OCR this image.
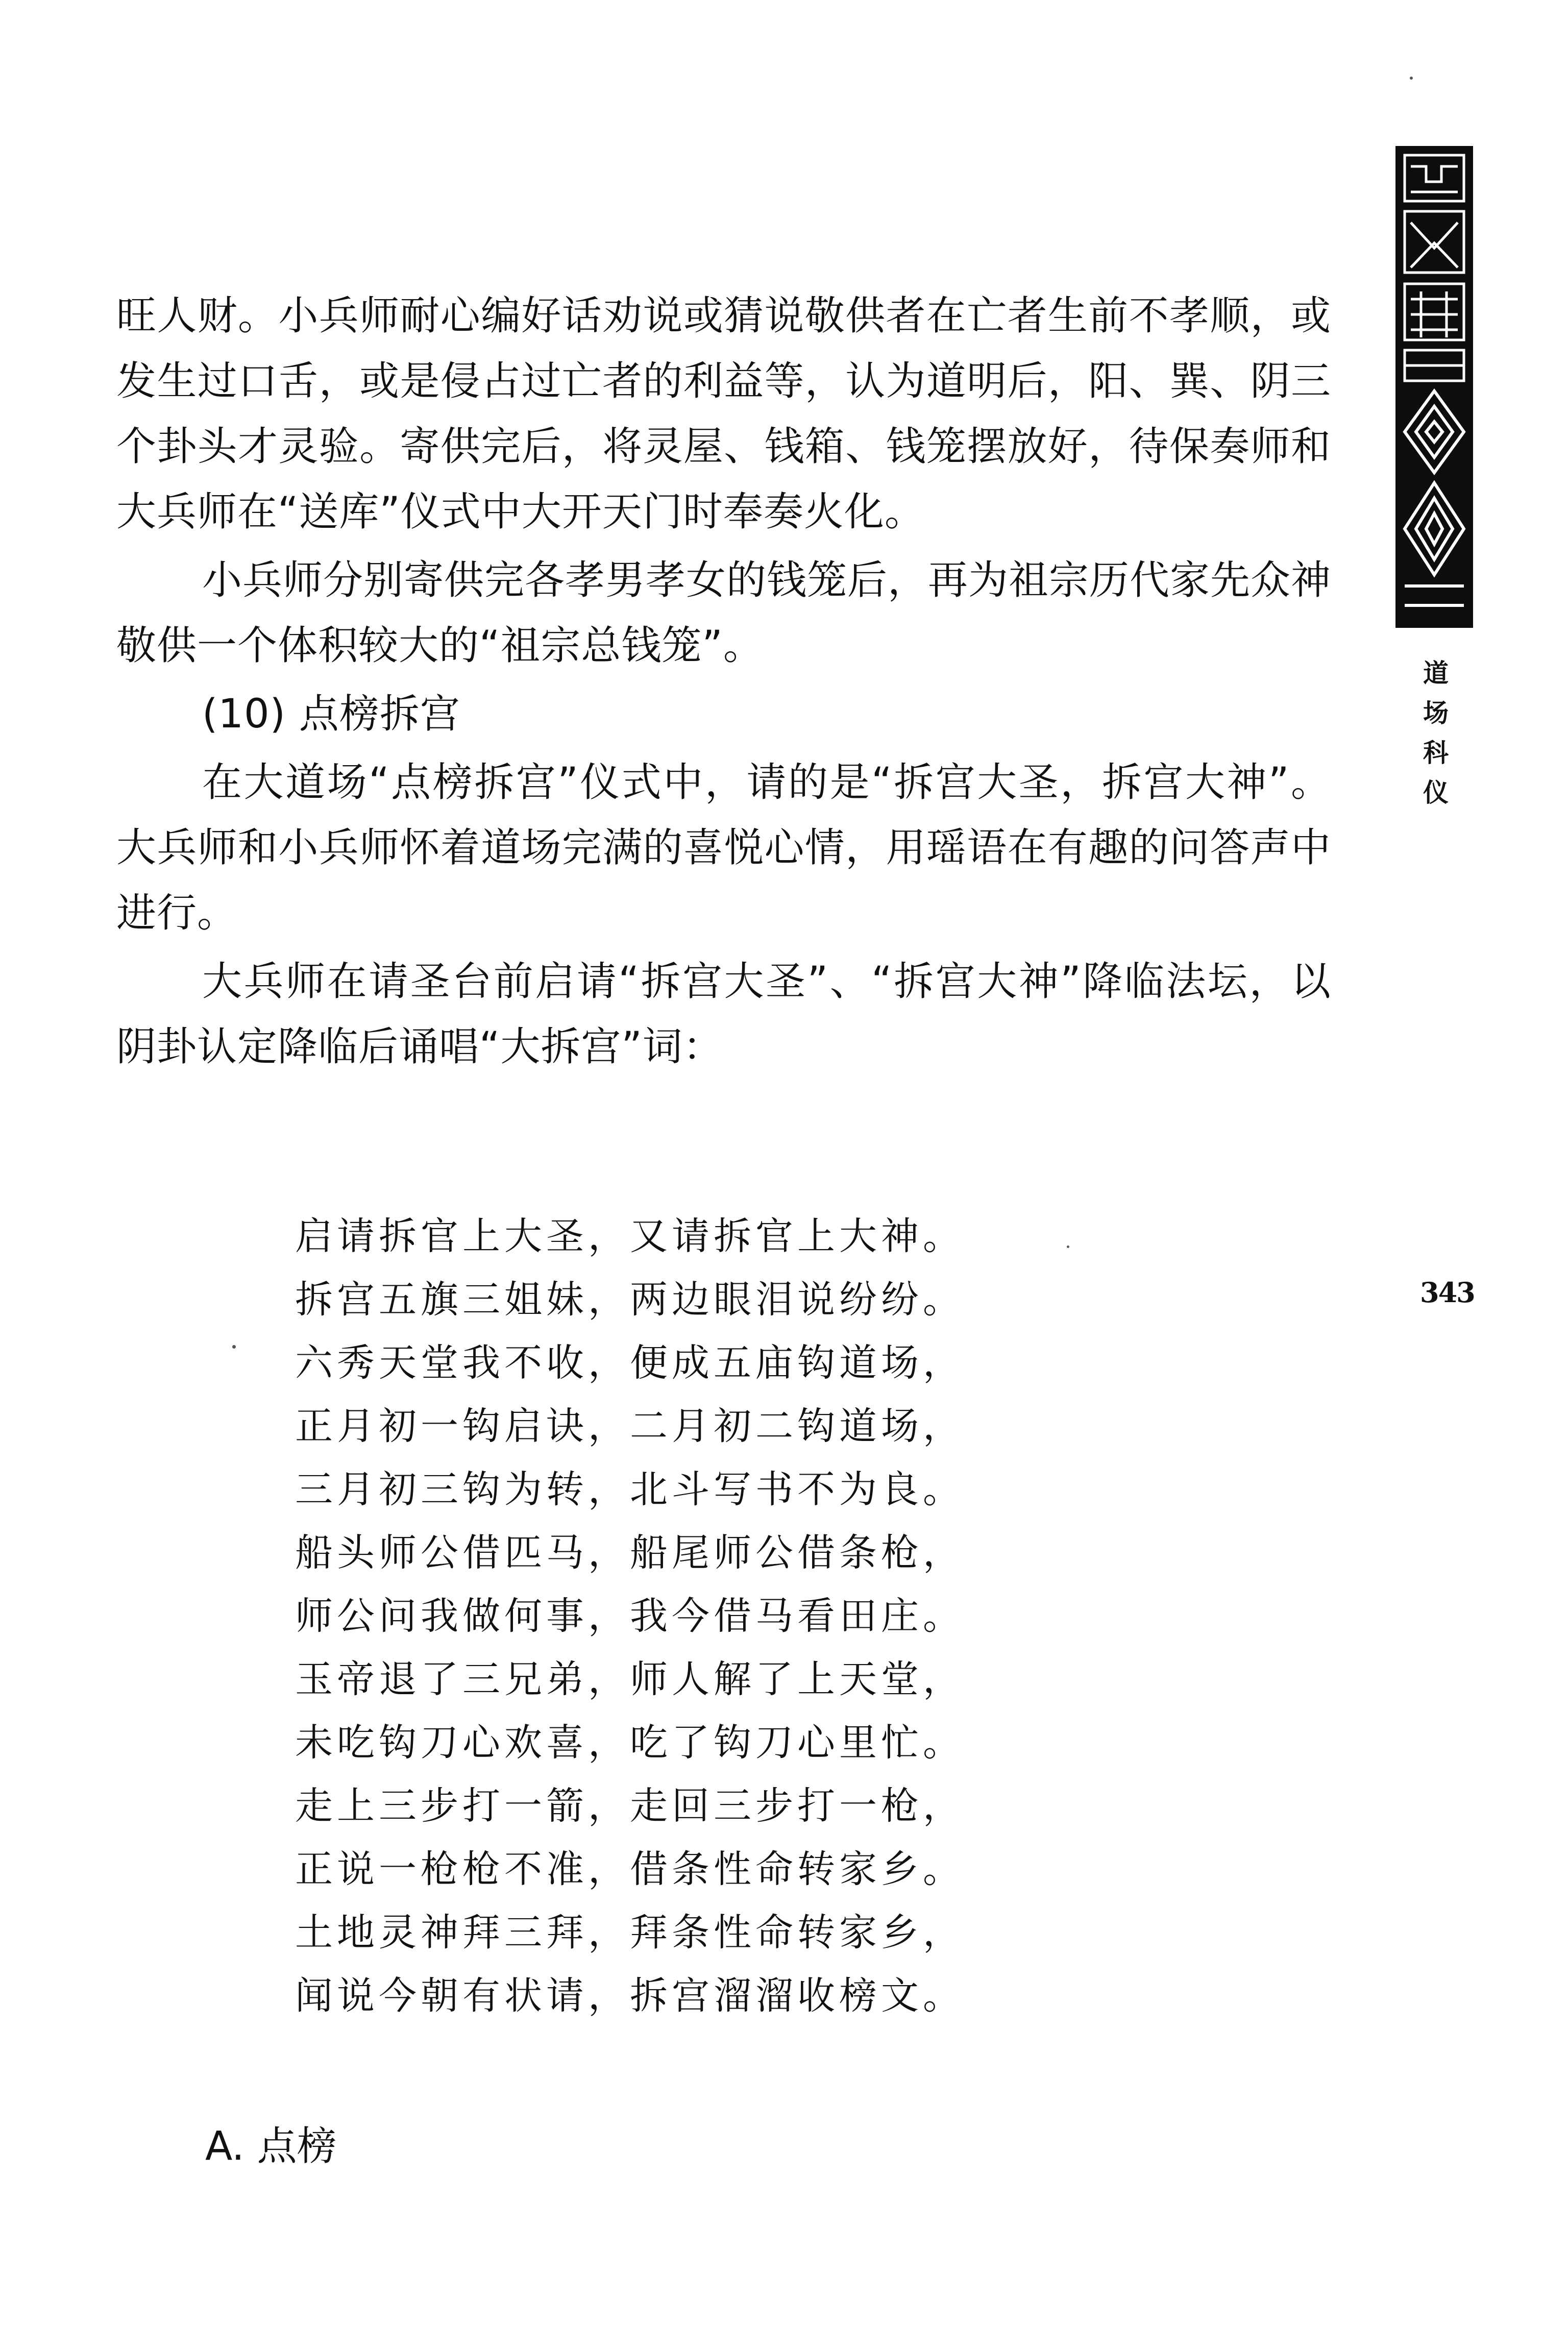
道
场
科
仪
343

旺人财。小兵师耐心编好话劝说或猜说敬供者在亡者生前不孝顺，或发生过口舌，或是侵占过亡者的利益等，认为道明后，阳、巽、阴三个卦头才灵验。寄供完后，将灵屋、钱箱、钱笼摆放好，待保奏师和大兵师在“送库”仪式中大开天门时奉奏火化。

小兵师分别寄供完各孝男孝女的钱笼后，再为祖宗历代家先众神敬供一个体积较大的“祖宗总钱笼”。

(10) 点榜拆宫

在大道场“点榜拆宫”仪式中，请的是“拆宫大圣，拆宫大神”。大兵师和小兵师怀着道场完满的喜悦心情，用瑶语在有趣的问答声中进行。

大兵师在请圣台前启请“拆宫大圣”、“拆宫大神”降临法坛，以阴卦认定降临后诵唱“大拆宫”词：

启请拆官上大圣，又请拆官上大神。
拆宫五旗三姐妹，两边眼泪说纷纷。
六秀天堂我不收，便成五庙钩道场，
正月初一钩启诀，二月初二钩道场，
三月初三钩为转，北斗写书不为良。
船头师公借匹马，船尾师公借条枪，
师公问我做何事，我今借马看田庄。
玉帝退了三兄弟，师人解了上天堂，
未吃钩刀心欢喜，吃了钩刀心里忙。
走上三步打一箭，走回三步打一枪，
正说一枪枪不准，借条性命转家乡。
土地灵神拜三拜，拜条性命转家乡，
闻说今朝有状请，拆宫溜溜收榜文。
A. 点榜
